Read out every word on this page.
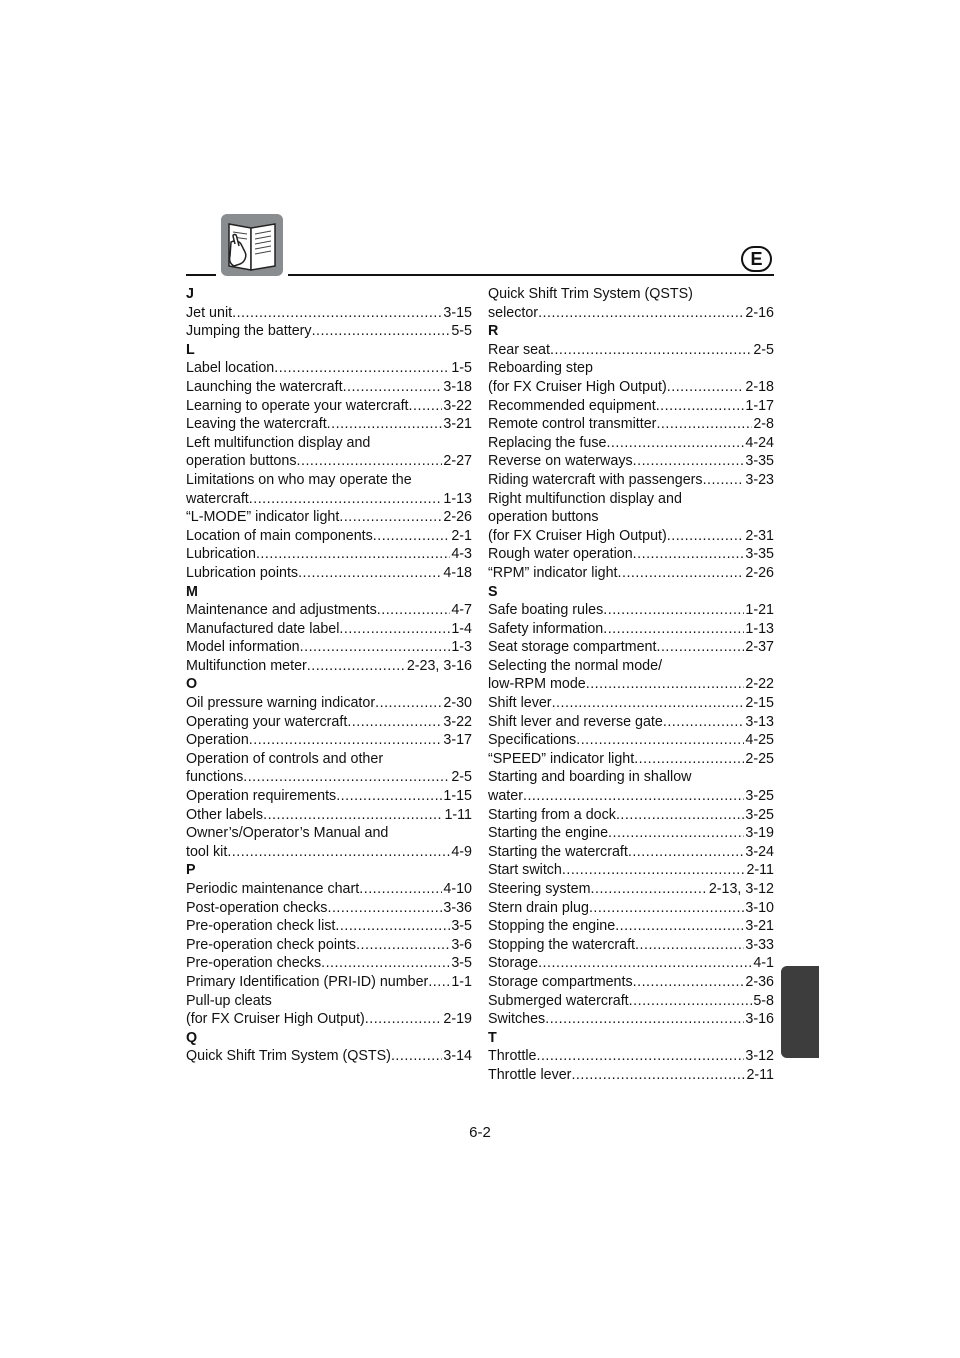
E
J
Jet unit .....	3-15
Jumping the battery .....	5-5
L
Label location .....	1-5
Launching the watercraft .....	3-18
Learning to operate your watercraft ..... 3-22
Leaving the watercraft .....	3-21
Left multifunction display and
operation buttons .....	2-27
Limitations on who may operate the
watercraft .....	1-13
“L-MODE” indicator light .....	2-26
Location of main components .....	2-1
Lubrication .....	4-3
Lubrication points .....	4-18
M
Maintenance and adjustments .....	4-7
Manufactured date label .....	1-4
Model information .....	1-3
Multifunction meter .....	2-23, 3-16
O
Oil pressure warning indicator .....	2-30
Operating your watercraft .....	3-22
Operation .....	3-17
Operation of controls and other
functions .....	2-5
Operation requirements .....	1-15
Other labels .....	1-11
Owner’s/Operator’s Manual and
tool kit .....	4-9
P
Periodic maintenance chart .....	4-10
Post-operation checks .....	3-36
Pre-operation check list .....	3-5
Pre-operation check points .....	3-6
Pre-operation checks .....	3-5
Primary Identification (PRI-ID) number ..... 1-1
Pull-up cleats
(for FX Cruiser High Output) .....	2-19
Q
Quick Shift Trim System (QSTS) .....	3-14
Quick Shift Trim System (QSTS)
selector .....	2-16
R
Rear seat .....	2-5
Reboarding step
(for FX Cruiser High Output) .....	2-18
Recommended equipment .....	1-17
Remote control transmitter .....	2-8
Replacing the fuse .....	4-24
Reverse on waterways .....	3-35
Riding watercraft with passengers .....	3-23
Right multifunction display and
operation buttons
(for FX Cruiser High Output) .....	2-31
Rough water operation .....	3-35
“RPM” indicator light .....	2-26
S
Safe boating rules .....	1-21
Safety information .....	1-13
Seat storage compartment .....	2-37
Selecting the normal mode/
low-RPM mode .....	2-22
Shift lever .....	2-15
Shift lever and reverse gate .....	3-13
Specifications .....	4-25
“SPEED” indicator light .....	2-25
Starting and boarding in shallow
water .....	3-25
Starting from a dock .....	3-25
Starting the engine .....	3-19
Starting the watercraft .....	3-24
Start switch .....	2-11
Steering system .....	2-13, 3-12
Stern drain plug .....	3-10
Stopping the engine .....	3-21
Stopping the watercraft .....	3-33
Storage .....	4-1
Storage compartments .....	2-36
Submerged watercraft .....	5-8
Switches .....	3-16
T
Throttle .....	3-12
Throttle lever .....	2-11
6-2
